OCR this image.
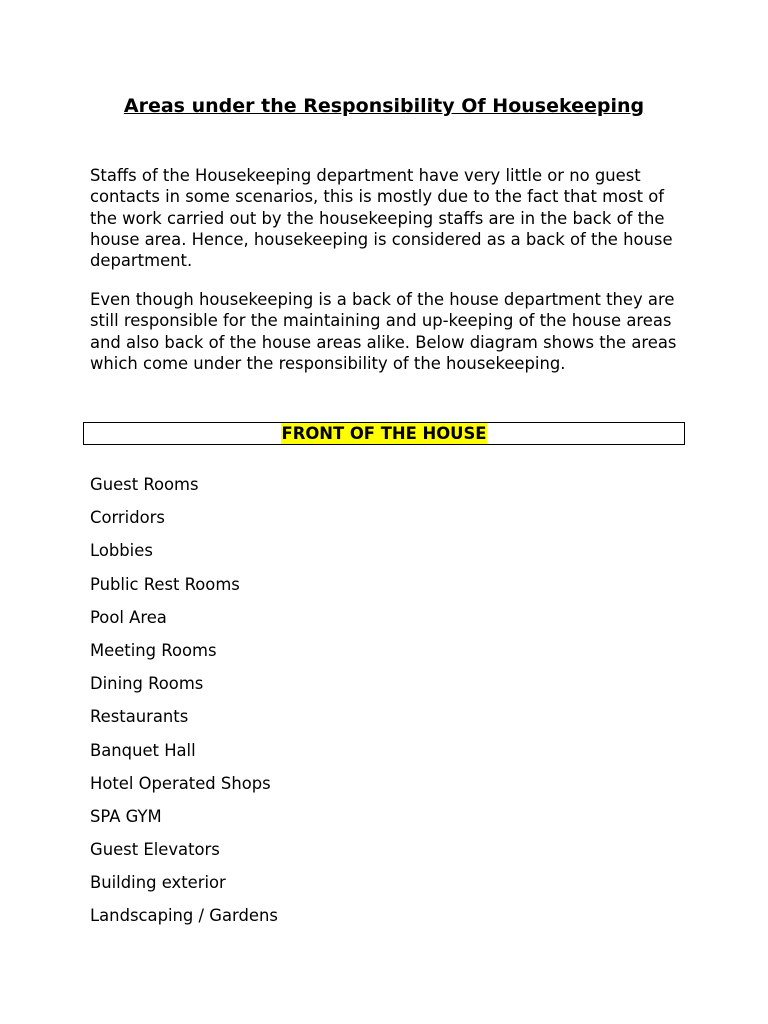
Areas under the Responsibility Of Housekeeping

Staffs of the Housekeeping department have very little or no guest contacts in some scenarios, this is mostly due to the fact that most of the work carried out by the housekeeping staffs are in the back of the house area. Hence, housekeeping is considered as a back of the house department.

Even though housekeeping is a back of the house department they are still responsible for the maintaining and up-keeping of the house areas and also back of the house areas alike. Below diagram shows the areas which come under the responsibility of the housekeeping.

FRONT OF THE HOUSE
Guest Rooms
Corridors
Lobbies
Public Rest Rooms
Pool Area
Meeting Rooms
Dining Rooms
Restaurants
Banquet Hall
Hotel Operated Shops
SPA GYM
Guest Elevators
Building exterior
Landscaping / Gardens
